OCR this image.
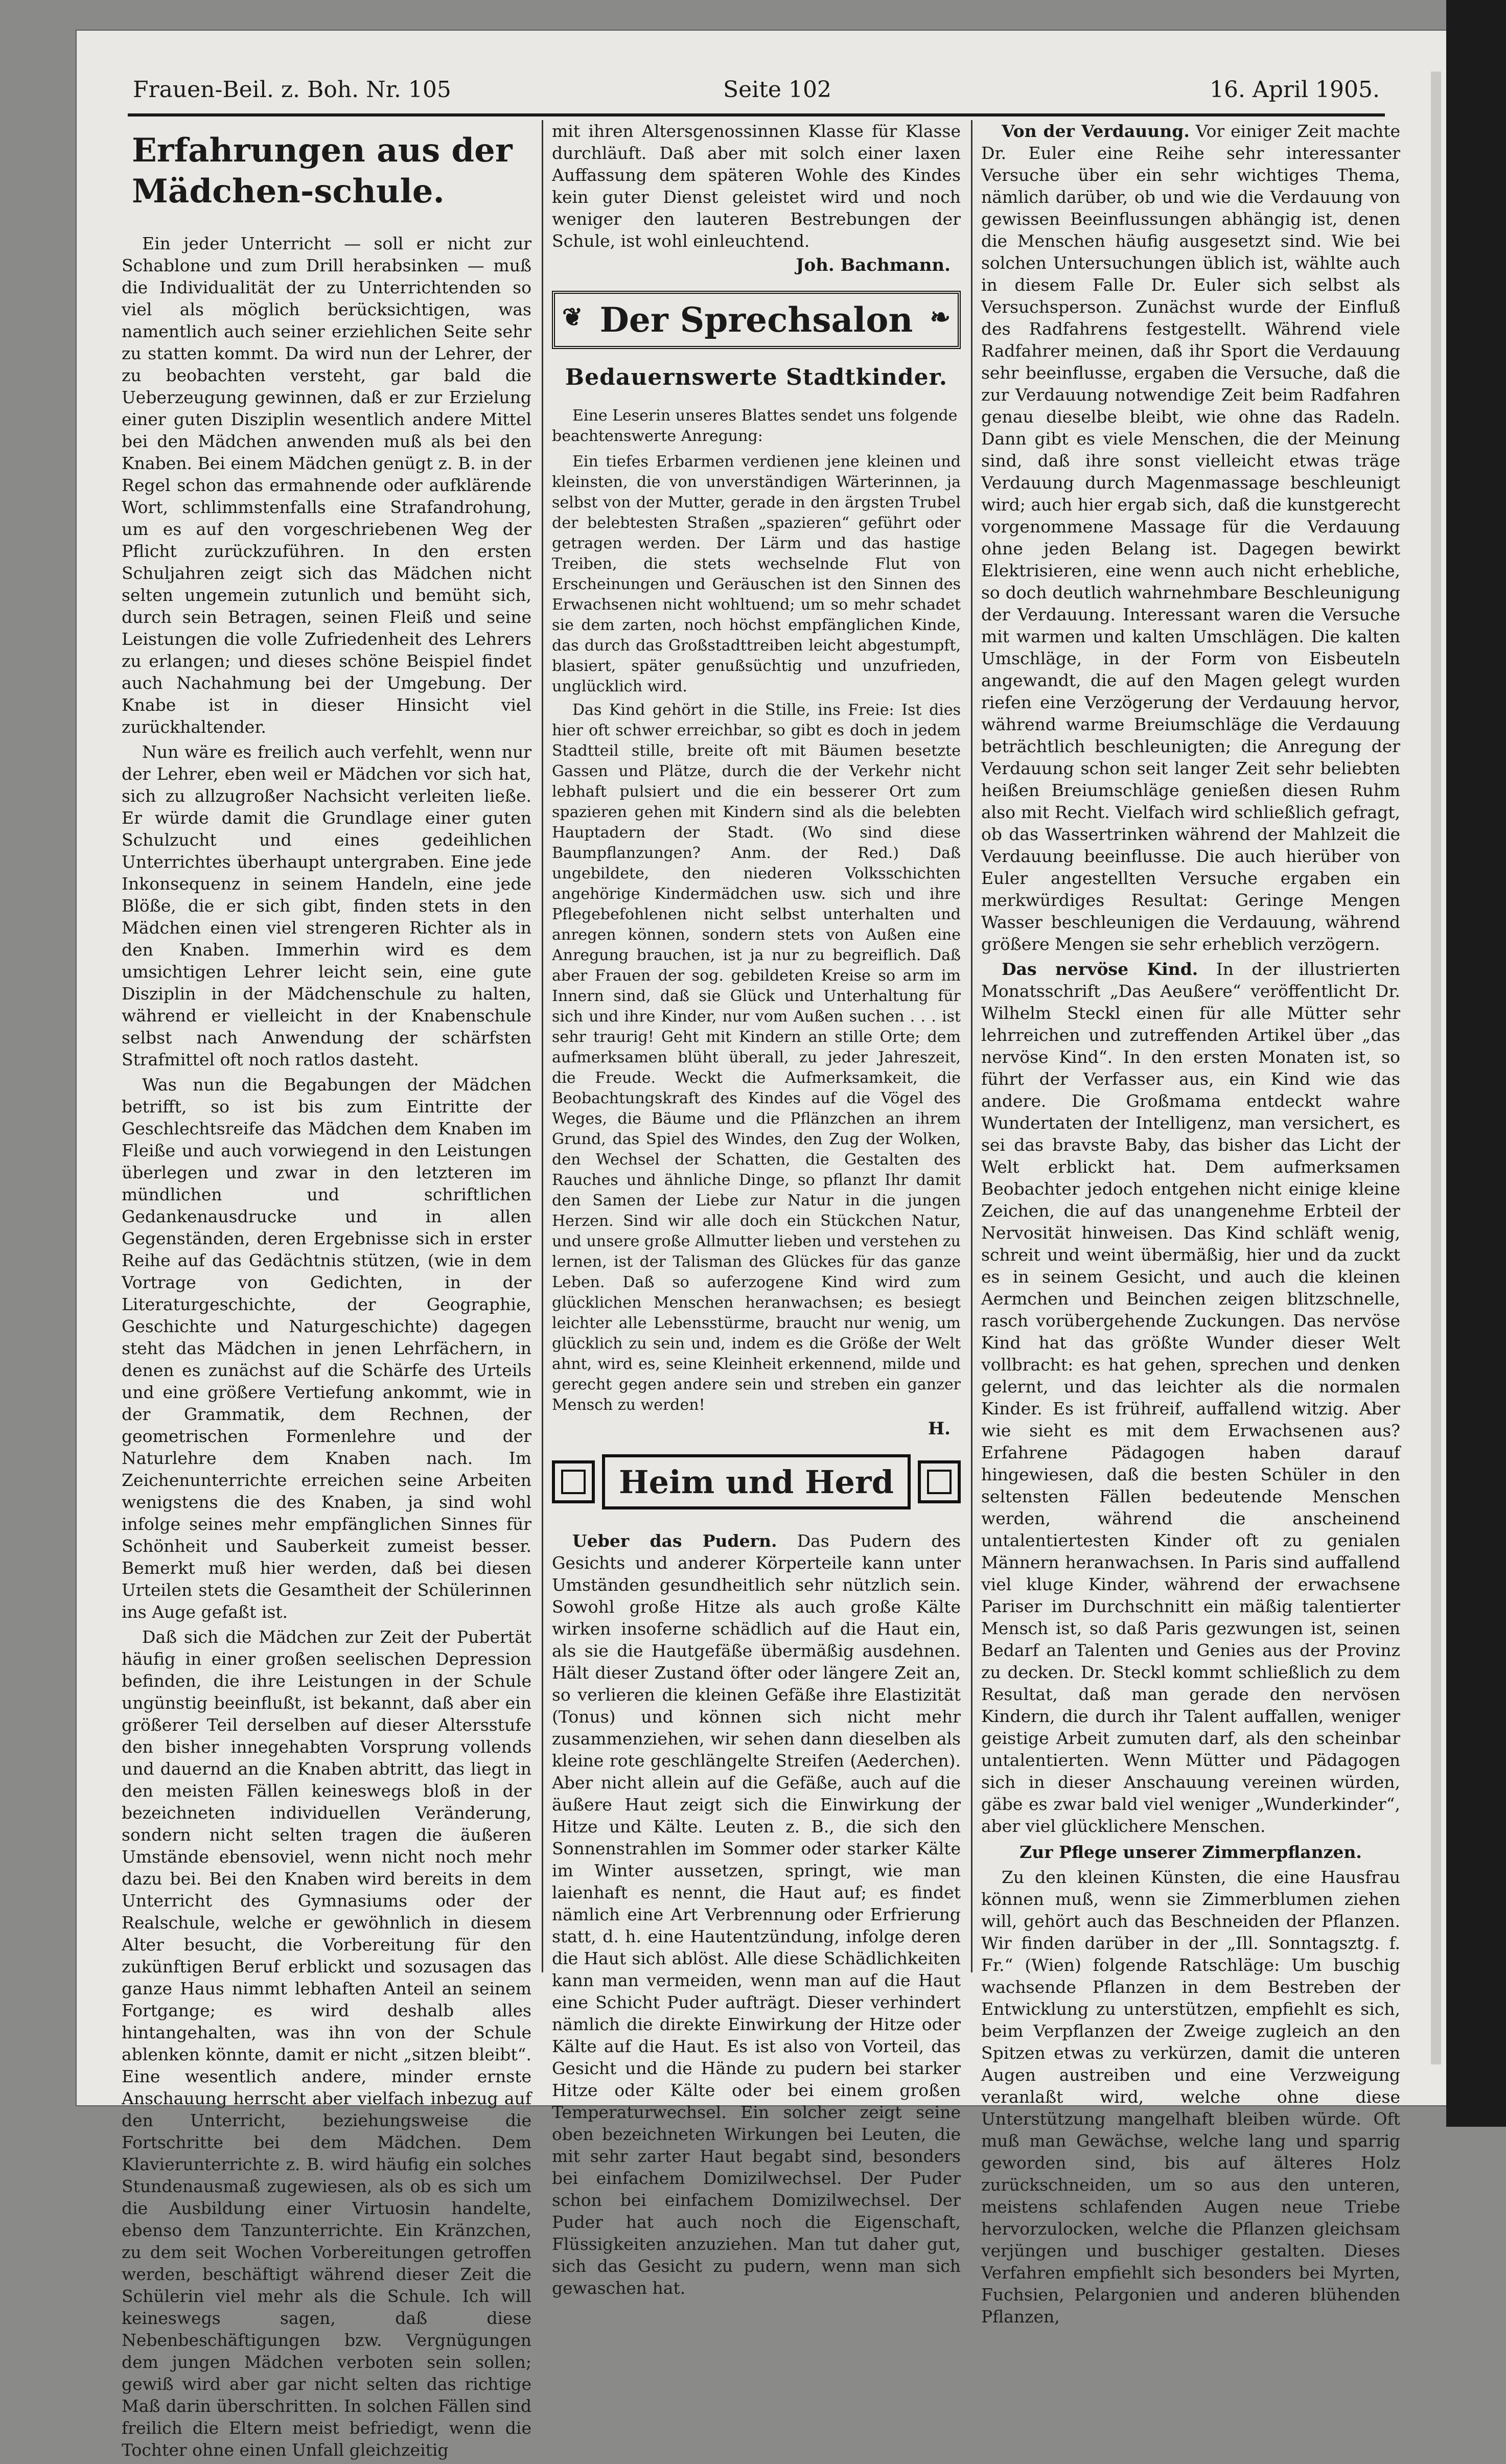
Frauen-Beil. z. Boh. Nr. 105	Seite 102	16. April 1905.
Erfahrungen aus der Mädchen-schule.

Ein jeder Unterricht — soll er nicht zur Schablone und zum Drill herabsinken — muß die Individualität der zu Unterrichtenden so viel als möglich berücksichtigen, was namentlich auch seiner erziehlichen Seite sehr zu statten kommt. Da wird nun der Lehrer, der zu beobachten versteht, gar bald die Ueberzeugung gewinnen, daß er zur Erzielung einer guten Disziplin wesentlich andere Mittel bei den Mädchen anwenden muß als bei den Knaben. Bei einem Mädchen genügt z. B. in der Regel schon das ermahnende oder aufklärende Wort, schlimmstenfalls eine Strafandrohung, um es auf den vorgeschriebenen Weg der Pflicht zurückzuführen. In den ersten Schuljahren zeigt sich das Mädchen nicht selten ungemein zutunlich und bemüht sich, durch sein Betragen, seinen Fleiß und seine Leistungen die volle Zufriedenheit des Lehrers zu erlangen; und dieses schöne Beispiel findet auch Nachahmung bei der Umgebung. Der Knabe ist in dieser Hinsicht viel zurückhaltender.

Nun wäre es freilich auch verfehlt, wenn nur der Lehrer, eben weil er Mädchen vor sich hat, sich zu allzugroßer Nachsicht verleiten ließe. Er würde damit die Grundlage einer guten Schulzucht und eines gedeihlichen Unterrichtes überhaupt untergraben. Eine jede Inkonsequenz in seinem Handeln, eine jede Blöße, die er sich gibt, finden stets in den Mädchen einen viel strengeren Richter als in den Knaben. Immerhin wird es dem umsichtigen Lehrer leicht sein, eine gute Disziplin in der Mädchenschule zu halten, während er vielleicht in der Knabenschule selbst nach Anwendung der schärfsten Strafmittel oft noch ratlos dasteht.

Was nun die Begabungen der Mädchen betrifft, so ist bis zum Eintritte der Geschlechtsreife das Mädchen dem Knaben im Fleiße und auch vorwiegend in den Leistungen überlegen und zwar in den letzteren im mündlichen und schriftlichen Gedankenausdrucke und in allen Gegenständen, deren Ergebnisse sich in erster Reihe auf das Gedächtnis stützen, (wie in dem Vortrage von Gedichten, in der Literaturgeschichte, der Geographie, Geschichte und Naturgeschichte) dagegen steht das Mädchen in jenen Lehrfächern, in denen es zunächst auf die Schärfe des Urteils und eine größere Vertiefung ankommt, wie in der Grammatik, dem Rechnen, der geometrischen Formenlehre und der Naturlehre dem Knaben nach. Im Zeichenunterrichte erreichen seine Arbeiten wenigstens die des Knaben, ja sind wohl infolge seines mehr empfänglichen Sinnes für Schönheit und Sauberkeit zumeist besser. Bemerkt muß hier werden, daß bei diesen Urteilen stets die Gesamtheit der Schülerinnen ins Auge gefaßt ist.

Daß sich die Mädchen zur Zeit der Pubertät häufig in einer großen seelischen Depression befinden, die ihre Leistungen in der Schule ungünstig beeinflußt, ist bekannt, daß aber ein größerer Teil derselben auf dieser Altersstufe den bisher innegehabten Vorsprung vollends und dauernd an die Knaben abtritt, das liegt in den meisten Fällen keineswegs bloß in der bezeichneten individuellen Veränderung, sondern nicht selten tragen die äußeren Umstände ebensoviel, wenn nicht noch mehr dazu bei. Bei den Knaben wird bereits in dem Unterricht des Gymnasiums oder der Realschule, welche er gewöhnlich in diesem Alter besucht, die Vorbereitung für den zukünftigen Beruf erblickt und sozusagen das ganze Haus nimmt lebhaften Anteil an seinem Fortgange; es wird deshalb alles hintangehalten, was ihn von der Schule ablenken könnte, damit er nicht „sitzen bleibt“. Eine wesentlich andere, minder ernste Anschauung herrscht aber vielfach inbezug auf den Unterricht, beziehungsweise die Fortschritte bei dem Mädchen. Dem Klavierunterrichte z. B. wird häufig ein solches Stundenausmaß zugewiesen, als ob es sich um die Ausbildung einer Virtuosin handelte, ebenso dem Tanzunterrichte. Ein Kränzchen, zu dem seit Wochen Vorbereitungen getroffen werden, beschäftigt während dieser Zeit die Schülerin viel mehr als die Schule. Ich will keineswegs sagen, daß diese Nebenbeschäftigungen bzw. Vergnügungen dem jungen Mädchen verboten sein sollen; gewiß wird aber gar nicht selten das richtige Maß darin überschritten. In solchen Fällen sind freilich die Eltern meist befriedigt, wenn die Tochter ohne einen Unfall gleichzeitig

mit ihren Altersgenossinnen Klasse für Klasse durchläuft. Daß aber mit solch einer laxen Auffassung dem späteren Wohle des Kindes kein guter Dienst geleistet wird und noch weniger den lauteren Bestrebungen der Schule, ist wohl einleuchtend.

Joh. Bachmann.
❦ Der Sprechsalon ❧
Bedauernswerte Stadtkinder.
Eine Leserin unseres Blattes sendet uns folgende beachtenswerte Anregung:

Ein tiefes Erbarmen verdienen jene kleinen und kleinsten, die von unverständigen Wärterinnen, ja selbst von der Mutter, gerade in den ärgsten Trubel der belebtesten Straßen „spazieren“ geführt oder getragen werden. Der Lärm und das hastige Treiben, die stets wechselnde Flut von Erscheinungen und Geräuschen ist den Sinnen des Erwachsenen nicht wohltuend; um so mehr schadet sie dem zarten, noch höchst empfänglichen Kinde, das durch das Großstadttreiben leicht abgestumpft, blasiert, später genußsüchtig und unzufrieden, unglücklich wird.

Das Kind gehört in die Stille, ins Freie: Ist dies hier oft schwer erreichbar, so gibt es doch in jedem Stadtteil stille, breite oft mit Bäumen besetzte Gassen und Plätze, durch die der Verkehr nicht lebhaft pulsiert und die ein besserer Ort zum spazieren gehen mit Kindern sind als die belebten Hauptadern der Stadt. (Wo sind diese Baumpflanzungen? Anm. der Red.) Daß ungebildete, den niederen Volksschichten angehörige Kindermädchen usw. sich und ihre Pflegebefohlenen nicht selbst unterhalten und anregen können, sondern stets von Außen eine Anregung brauchen, ist ja nur zu begreiflich. Daß aber Frauen der sog. gebildeten Kreise so arm im Innern sind, daß sie Glück und Unterhaltung für sich und ihre Kinder, nur vom Außen suchen . . . ist sehr traurig! Geht mit Kindern an stille Orte; dem aufmerksamen blüht überall, zu jeder Jahreszeit, die Freude. Weckt die Aufmerksamkeit, die Beobachtungskraft des Kindes auf die Vögel des Weges, die Bäume und die Pflänzchen an ihrem Grund, das Spiel des Windes, den Zug der Wolken, den Wechsel der Schatten, die Gestalten des Rauches und ähnliche Dinge, so pflanzt Ihr damit den Samen der Liebe zur Natur in die jungen Herzen. Sind wir alle doch ein Stückchen Natur, und unsere große Allmutter lieben und verstehen zu lernen, ist der Talisman des Glückes für das ganze Leben. Daß so auferzogene Kind wird zum glücklichen Menschen heranwachsen; es besiegt leichter alle Lebensstürme, braucht nur wenig, um glücklich zu sein und, indem es die Größe der Welt ahnt, wird es, seine Kleinheit erkennend, milde und gerecht gegen andere sein und streben ein ganzer Mensch zu werden!

H.
Heim und Herd

Ueber das Pudern. Das Pudern des Gesichts und anderer Körperteile kann unter Umständen gesundheitlich sehr nützlich sein. Sowohl große Hitze als auch große Kälte wirken insoferne schädlich auf die Haut ein, als sie die Hautgefäße übermäßig ausdehnen. Hält dieser Zustand öfter oder längere Zeit an, so verlieren die kleinen Gefäße ihre Elastizität (Tonus) und können sich nicht mehr zusammenziehen, wir sehen dann dieselben als kleine rote geschlängelte Streifen (Aederchen). Aber nicht allein auf die Gefäße, auch auf die äußere Haut zeigt sich die Einwirkung der Hitze und Kälte. Leuten z. B., die sich den Sonnenstrahlen im Sommer oder starker Kälte im Winter aussetzen, springt, wie man laienhaft es nennt, die Haut auf; es findet nämlich eine Art Verbrennung oder Erfrierung statt, d. h. eine Hautentzündung, infolge deren die Haut sich ablöst. Alle diese Schädlichkeiten kann man vermeiden, wenn man auf die Haut eine Schicht Puder aufträgt. Dieser verhindert nämlich die direkte Einwirkung der Hitze oder Kälte auf die Haut. Es ist also von Vorteil, das Gesicht und die Hände zu pudern bei starker Hitze oder Kälte oder bei einem großen Temperaturwechsel. Ein solcher zeigt seine oben bezeichneten Wirkungen bei Leuten, die mit sehr zarter Haut begabt sind, besonders bei einfachem Domizilwechsel. Der Puder schon bei einfachem Domizilwechsel. Der Puder hat auch noch die Eigenschaft, Flüssigkeiten anzuziehen. Man tut daher gut, sich das Gesicht zu pudern, wenn man sich gewaschen hat.

Von der Verdauung. Vor einiger Zeit machte Dr. Euler eine Reihe sehr interessanter Versuche über ein sehr wichtiges Thema, nämlich darüber, ob und wie die Verdauung von gewissen Beeinflussungen abhängig ist, denen die Menschen häufig ausgesetzt sind. Wie bei solchen Untersuchungen üblich ist, wählte auch in diesem Falle Dr. Euler sich selbst als Versuchsperson. Zunächst wurde der Einfluß des Radfahrens festgestellt. Während viele Radfahrer meinen, daß ihr Sport die Verdauung sehr beeinflusse, ergaben die Versuche, daß die zur Verdauung notwendige Zeit beim Radfahren genau dieselbe bleibt, wie ohne das Radeln. Dann gibt es viele Menschen, die der Meinung sind, daß ihre sonst vielleicht etwas träge Verdauung durch Magenmassage beschleunigt wird; auch hier ergab sich, daß die kunstgerecht vorgenommene Massage für die Verdauung ohne jeden Belang ist. Dagegen bewirkt Elektrisieren, eine wenn auch nicht erhebliche, so doch deutlich wahrnehmbare Beschleunigung der Verdauung. Interessant waren die Versuche mit warmen und kalten Umschlägen. Die kalten Umschläge, in der Form von Eisbeuteln angewandt, die auf den Magen gelegt wurden riefen eine Verzögerung der Verdauung hervor, während warme Breiumschläge die Verdauung beträchtlich beschleunigten; die Anregung der Verdauung schon seit langer Zeit sehr beliebten heißen Breiumschläge genießen diesen Ruhm also mit Recht. Vielfach wird schließlich gefragt, ob das Wassertrinken während der Mahlzeit die Verdauung beeinflusse. Die auch hierüber von Euler angestellten Versuche ergaben ein merkwürdiges Resultat: Geringe Mengen Wasser beschleunigen die Verdauung, während größere Mengen sie sehr erheblich verzögern.

Das nervöse Kind. In der illustrierten Monatsschrift „Das Aeußere“ veröffentlicht Dr. Wilhelm Steckl einen für alle Mütter sehr lehrreichen und zutreffenden Artikel über „das nervöse Kind“. In den ersten Monaten ist, so führt der Verfasser aus, ein Kind wie das andere. Die Großmama entdeckt wahre Wundertaten der Intelligenz, man versichert, es sei das bravste Baby, das bisher das Licht der Welt erblickt hat. Dem aufmerksamen Beobachter jedoch entgehen nicht einige kleine Zeichen, die auf das unangenehme Erbteil der Nervosität hinweisen. Das Kind schläft wenig, schreit und weint übermäßig, hier und da zuckt es in seinem Gesicht, und auch die kleinen Aermchen und Beinchen zeigen blitzschnelle, rasch vorübergehende Zuckungen. Das nervöse Kind hat das größte Wunder dieser Welt vollbracht: es hat gehen, sprechen und denken gelernt, und das leichter als die normalen Kinder. Es ist frühreif, auffallend witzig. Aber wie sieht es mit dem Erwachsenen aus? Erfahrene Pädagogen haben darauf hingewiesen, daß die besten Schüler in den seltensten Fällen bedeutende Menschen werden, während die anscheinend untalentiertesten Kinder oft zu genialen Männern heranwachsen. In Paris sind auffallend viel kluge Kinder, während der erwachsene Pariser im Durchschnitt ein mäßig talentierter Mensch ist, so daß Paris gezwungen ist, seinen Bedarf an Talenten und Genies aus der Provinz zu decken. Dr. Steckl kommt schließlich zu dem Resultat, daß man gerade den nervösen Kindern, die durch ihr Talent auffallen, weniger geistige Arbeit zumuten darf, als den scheinbar untalentierten. Wenn Mütter und Pädagogen sich in dieser Anschauung vereinen würden, gäbe es zwar bald viel weniger „Wunderkinder“, aber viel glücklichere Menschen.

Zur Pflege unserer Zimmerpflanzen.

Zu den kleinen Künsten, die eine Hausfrau können muß, wenn sie Zimmerblumen ziehen will, gehört auch das Beschneiden der Pflanzen. Wir finden darüber in der „Ill. Sonntagsztg. f. Fr.“ (Wien) folgende Ratschläge: Um buschig wachsende Pflanzen in dem Bestreben der Entwicklung zu unterstützen, empfiehlt es sich, beim Verpflanzen der Zweige zugleich an den Spitzen etwas zu verkürzen, damit die unteren Augen austreiben und eine Verzweigung veranlaßt wird, welche ohne diese Unterstützung mangelhaft bleiben würde. Oft muß man Gewächse, welche lang und sparrig geworden sind, bis auf älteres Holz zurückschneiden, um so aus den unteren, meistens schlafenden Augen neue Triebe hervorzulocken, welche die Pflanzen gleichsam verjüngen und buschiger gestalten. Dieses Verfahren empfiehlt sich besonders bei Myrten, Fuchsien, Pelargonien und anderen blühenden Pflanzen,
